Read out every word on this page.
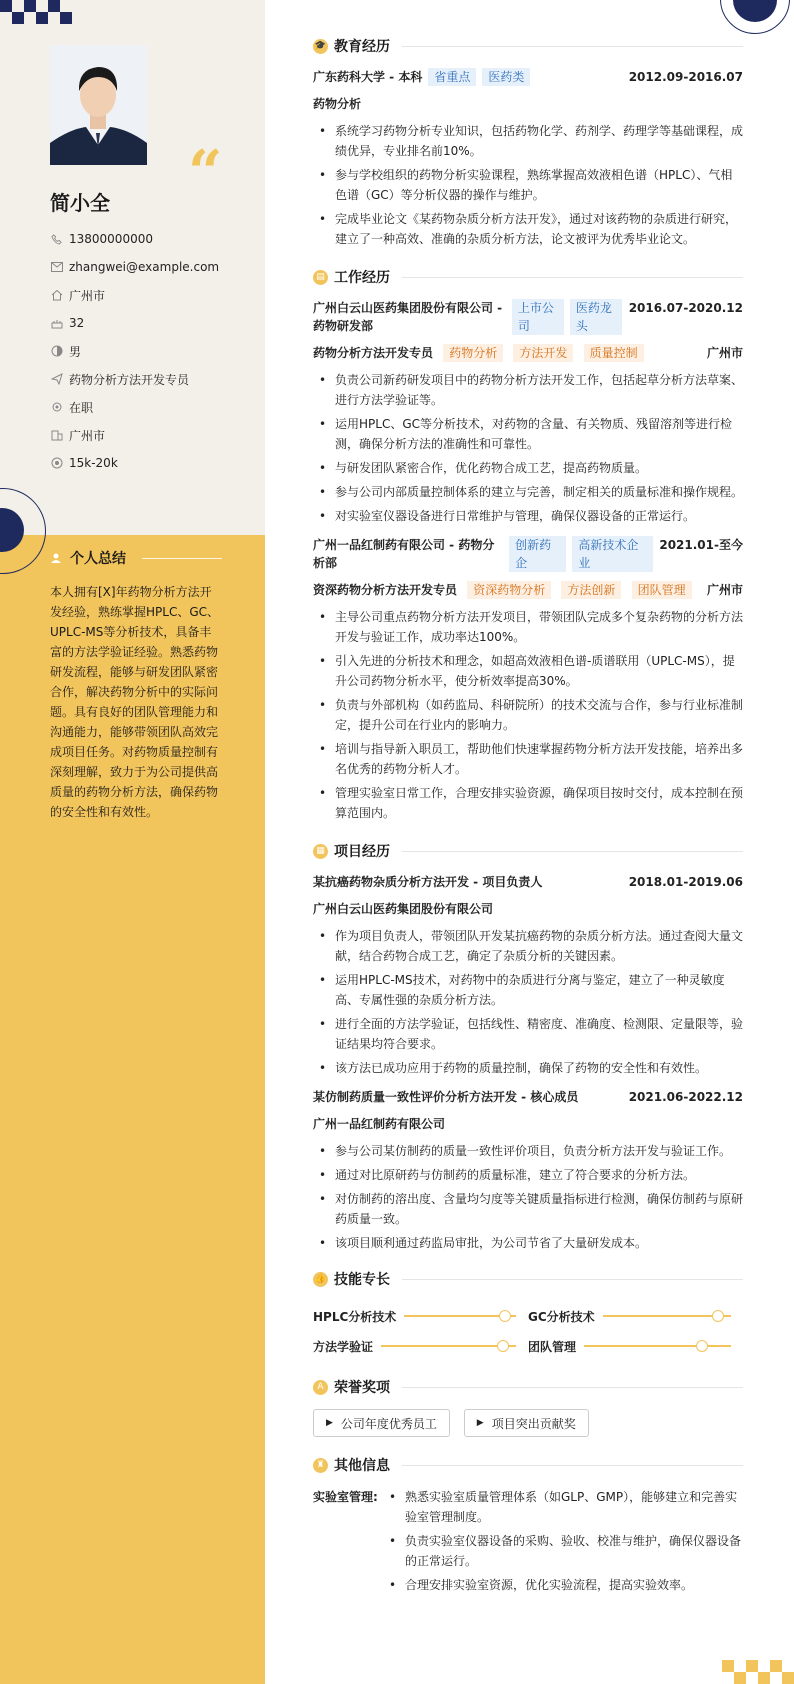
“
简小全
13800000000
zhangwei@example.com
广州市
32
男
药物分析方法开发专员
在职
广州市
15k-20k
个人总结
本人拥有[X]年药物分析方法开发经验，熟练掌握HPLC、GC、UPLC-MS等分析技术，具备丰富的方法学验证经验。熟悉药物研发流程，能够与研发团队紧密合作，解决药物分析中的实际问题。具有良好的团队管理能力和沟通能力，能够带领团队高效完成项目任务。对药物质量控制有深刻理解，致力于为公司提供高质量的药物分析方法，确保药物的安全性和有效性。
🎓 教育经历
广东药科大学 - 本科	省重点	医药类	2012.09-2016.07
药物分析
• 系统学习药物分析专业知识，包括药物化学、药剂学、药理学等基础课程，成绩优异，专业排名前10%。
• 参与学校组织的药物分析实验课程，熟练掌握高效液相色谱（HPLC）、气相色谱（GC）等分析仪器的操作与维护。
• 完成毕业论文《某药物杂质分析方法开发》，通过对该药物的杂质进行研究，建立了一种高效、准确的杂质分析方法，论文被评为优秀毕业论文。
▤ 工作经历
广州白云山医药集团股份有限公司 - 药物研发部
上市公司
医药龙头
2016.07-2020.12
药物分析方法开发专员 药物分析 方法开发 质量控制	广州市
• 负责公司新药研发项目中的药物分析方法开发工作，包括起草分析方法草案、进行方法学验证等。
• 运用HPLC、GC等分析技术，对药物的含量、有关物质、残留溶剂等进行检测，确保分析方法的准确性和可靠性。
• 与研发团队紧密合作，优化药物合成工艺，提高药物质量。
• 参与公司内部质量控制体系的建立与完善，制定相关的质量标准和操作规程。
• 对实验室仪器设备进行日常维护与管理，确保仪器设备的正常运行。
广州一品红制药有限公司 - 药物分析部
创新药企
高新技术企业
2021.01-至今
资深药物分析方法开发专员 资深药物分析 方法创新 团队管理	广州市
• 主导公司重点药物分析方法开发项目，带领团队完成多个复杂药物的分析方法开发与验证工作，成功率达100%。
• 引入先进的分析技术和理念，如超高效液相色谱-质谱联用（UPLC-MS），提升公司药物分析水平，使分析效率提高30%。
• 负责与外部机构（如药监局、科研院所）的技术交流与合作，参与行业标准制定，提升公司在行业内的影响力。
• 培训与指导新入职员工，帮助他们快速掌握药物分析方法开发技能，培养出多名优秀的药物分析人才。
• 管理实验室日常工作，合理安排实验资源，确保项目按时交付，成本控制在预算范围内。
▦ 项目经历
某抗癌药物杂质分析方法开发 - 项目负责人	2018.01-2019.06
广州白云山医药集团股份有限公司
• 作为项目负责人，带领团队开发某抗癌药物的杂质分析方法。通过查阅大量文献，结合药物合成工艺，确定了杂质分析的关键因素。
• 运用HPLC-MS技术，对药物中的杂质进行分离与鉴定，建立了一种灵敏度高、专属性强的杂质分析方法。
• 进行全面的方法学验证，包括线性、精密度、准确度、检测限、定量限等，验证结果均符合要求。
• 该方法已成功应用于药物的质量控制，确保了药物的安全性和有效性。
某仿制药质量一致性评价分析方法开发 - 核心成员	2021.06-2022.12
广州一品红制药有限公司
• 参与公司某仿制药的质量一致性评价项目，负责分析方法开发与验证工作。
• 通过对比原研药与仿制药的质量标准，建立了符合要求的分析方法。
• 对仿制药的溶出度、含量均匀度等关键质量指标进行检测，确保仿制药与原研药质量一致。
• 该项目顺利通过药监局审批，为公司节省了大量研发成本。
👍 技能专长
HPLC分析技术	GC分析技术
方法学验证	团队管理
A 荣誉奖项
▶ 公司年度优秀员工
	▶ 项目突出贡献奖
♜ 其他信息
实验室管理:
•	熟悉实验室质量管理体系（如GLP、GMP），能够建立和完善实验室管理制度。
• 负责实验室仪器设备的采购、验收、校准与维护，确保仪器设备的正常运行。
• 合理安排实验室资源，优化实验流程，提高实验效率。
